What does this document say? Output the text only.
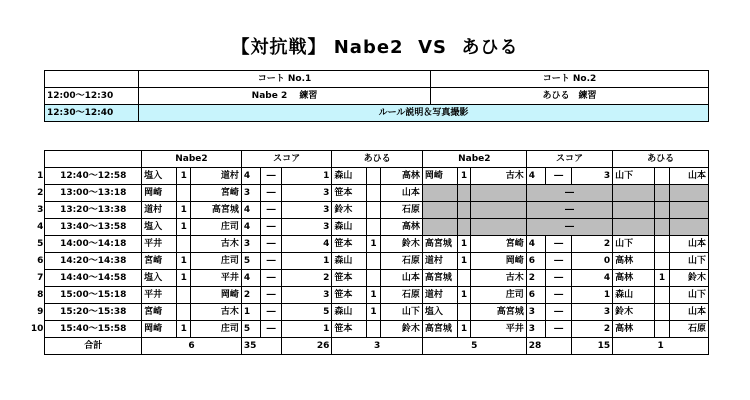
【対抗戦】 Nabe2  VS  あひる
	コート No.1	コート No.2
12:00～12:30	Nabe 2　 練習	あひる　練習
12:30～12:40	ルール説明＆写真撮影	
		Nabe2			スコア			あひる			Nabe2			スコア			あひる		
1	12:40～12:58	塩入	1	道村	4	―	1	森山		高林	岡崎	1	古木	4	―	3	山下		山本
2	13:00～13:18	岡崎		宮崎	3	―	3	笹本		山本				―					
3	13:20～13:38	道村	1	高宮城	4	―	3	鈴木		石原				―					
4	13:40～13:58	塩入	1	庄司	4	―	3	森山		高林				―					
5	14:00～14:18	平井		古木	3	―	4	笹本	1	鈴木	高宮城	1	宮崎	4	―	2	山下		山本
6	14:20～14:38	宮崎	1	庄司	5	―	1	森山		石原	道村	1	岡崎	6	―	0	高林		山下
7	14:40～14:58	塩入	1	平井	4	―	2	笹本		山本	高宮城		古木	2	―	4	高林	1	鈴木
8	15:00～15:18	平井		岡崎	2	―	3	笹本	1	石原	道村	1	庄司	6	―	1	森山		山下
9	15:20～15:38	宮崎		古木	1	―	5	森山	1	山下	塩入		高宮城	3	―	3	鈴木		山本
10	15:40～15:58	岡崎	1	庄司	5	―	1	笹本		鈴木	高宮城	1	平井	3	―	2	高林		石原
	合計	6			35		26	3			5			28		15	1		
